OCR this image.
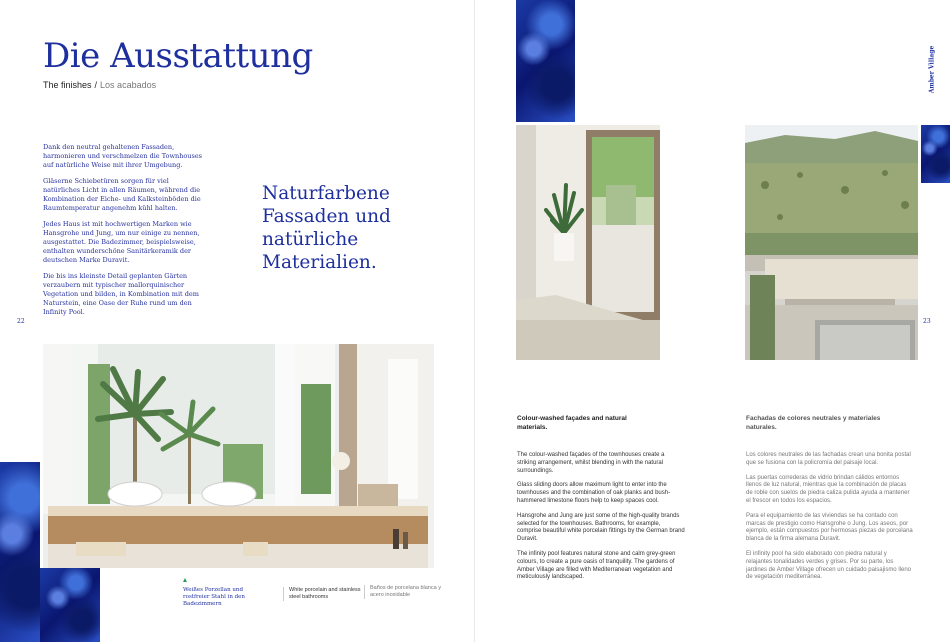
Die Ausstattung
The finishes / Los acabados

Dank den neutral gehaltenen Fassaden, harmonieren und verschmelzen die Townhouses auf natürliche Weise mit ihrer Umgebung.

Gläserne Schiebetüren sorgen für viel natürliches Licht in allen Räumen, während die Kombination der Eiche- und Kalksteinböden die Raumtemperatur angenehm kühl halten.

Jedes Haus ist mit hochwertigen Marken wie Hansgrohe und Jung, um nur einige zu nennen, ausgestattet. Die Badezimmer, beispielsweise, enthalten wunderschöne Sanitärkeramik der deutschen Marke Duravit.

Die bis ins kleinste Detail geplanten Gärten verzaubern mit typischer mallorquinischer Vegetation und bilden, in Kombination mit dem Naturstein, eine Oase der Ruhe rund um den Infinity Pool.

Naturfarbene Fassaden und natürliche Materialien.
22
Weißes Porzellan und rostfreier Stahl in den Badezimmern
White porcelain and stainless steel bathrooms
Baños de porcelana blanca y acero inoxidable
Amber Village
23
Colour-washed façades and natural materials.

The colour-washed façades of the townhouses create a striking arrangement, whilst blending in with the natural surroundings.

Glass sliding doors allow maximum light to enter into the townhouses and the combination of oak planks and bush-hammered limestone floors help to keep spaces cool.

Hansgrohe and Jung are just some of the high-quality brands selected for the townhouses. Bathrooms, for example, comprise beautiful white porcelain fittings by the German brand Duravit.

The infinity pool features natural stone and calm grey-green colours, to create a pure oasis of tranquility. The gardens of Amber Village are filled with Mediterranean vegetation and meticulously landscaped.

Fachadas de colores neutrales y materiales naturales.

Los colores neutrales de las fachadas crean una bonita postal que se fusiona con la policromía del paisaje local.

Las puertas correderas de vidrio brindan cálidos entornos llenos de luz natural, mientras que la combinación de placas de roble con suelos de piedra caliza pulida ayuda a mantener el frescor en todos los espacios.

Para el equipamiento de las viviendas se ha contado con marcas de prestigio como Hansgrohe o Jung. Los aseos, por ejemplo, están compuestos por hermosas piezas de porcelana blanca de la firma alemana Duravit.

El infinity pool ha sido elaborado con piedra natural y relajantes tonalidades verdes y grises. Por su parte, los jardines de Amber Village ofrecen un cuidado paisajismo lleno de vegetación mediterránea.
